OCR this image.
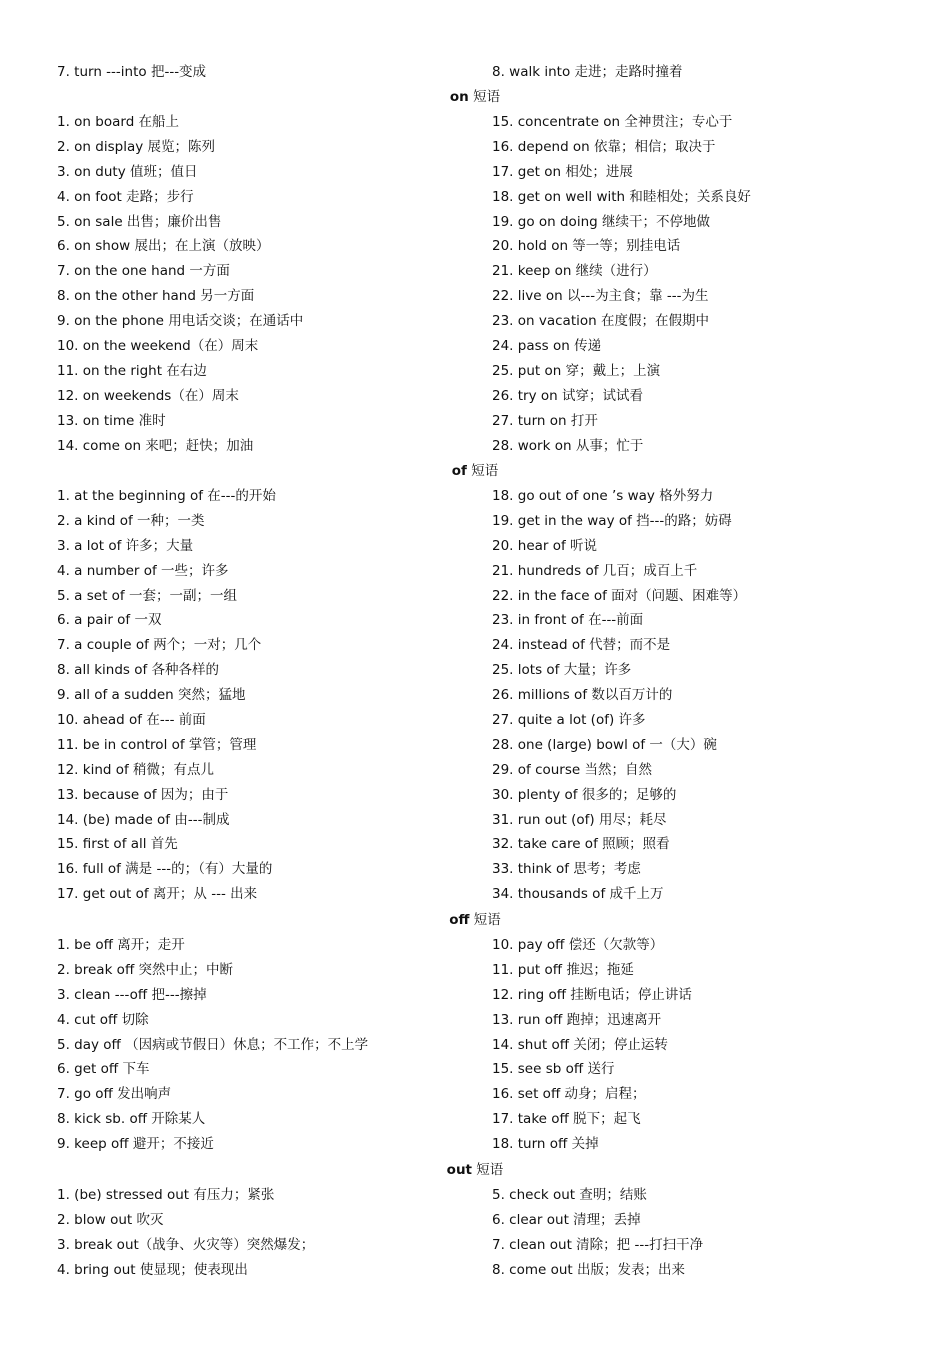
7. turn ---into 把---变成	8. walk into 走进；走路时撞着
on 短语
1. on board 在船上
2. on display 展览；陈列
3. on duty 值班；值日
4. on foot 走路；步行
5. on sale 出售；廉价出售
6. on show 展出；在上演（放映）
7. on the one hand 一方面
8. on the other hand 另一方面
9. on the phone 用电话交谈；在通话中
10. on the weekend（在）周末
11. on the right 在右边
12. on weekends（在）周末
13. on time 准时
14. come on 来吧；赶快；加油
15. concentrate on 全神贯注；专心于
16. depend on 依靠；相信；取决于
17. get on 相处；进展
18. get on well with 和睦相处；关系良好
19. go on doing 继续干；不停地做
20. hold on 等一等；别挂电话
21. keep on 继续（进行）
22. live on 以---为主食；靠 ---为生
23. on vacation 在度假；在假期中
24. pass on 传递
25. put on 穿；戴上；上演
26. try on 试穿；试试看
27. turn on 打开
28. work on 从事；忙于
of 短语
1. at the beginning of 在---的开始
2. a kind of 一种；一类
3. a lot of 许多；大量
4. a number of 一些；许多
5. a set of 一套；一副；一组
6. a pair of 一双
7. a couple of 两个；一对；几个
8. all kinds of 各种各样的
9. all of a sudden 突然；猛地
10. ahead of 在--- 前面
11. be in control of 掌管；管理
12. kind of 稍微；有点儿
13. because of 因为；由于
14. (be) made of 由---制成
15. first of all 首先
16. full of 满是 ---的；（有）大量的
17. get out of 离开；从 --- 出来
18. go out of one ’s way 格外努力
19. get in the way of 挡---的路；妨碍
20. hear of 听说
21. hundreds of 几百；成百上千
22. in the face of 面对（问题、困难等）
23. in front of 在---前面
24. instead of 代替；而不是
25. lots of 大量；许多
26. millions of 数以百万计的
27. quite a lot (of) 许多
28. one (large) bowl of 一（大）碗
29. of course 当然；自然
30. plenty of 很多的；足够的
31. run out (of) 用尽；耗尽
32. take care of 照顾；照看
33. think of 思考；考虑
34. thousands of 成千上万
off 短语
1. be off 离开；走开
2. break off 突然中止；中断
3. clean ---off 把---擦掉
4. cut off 切除
5. day off （因病或节假日）休息；不工作；不上学
6. get off 下车
7. go off 发出响声
8. kick sb. off 开除某人
9. keep off 避开；不接近
10. pay off 偿还（欠款等）
11. put off 推迟；拖延
12. ring off 挂断电话；停止讲话
13. run off 跑掉；迅速离开
14. shut off 关闭；停止运转
15. see sb off 送行
16. set off 动身；启程；
17. take off 脱下；起飞
18. turn off 关掉
out 短语
1. (be) stressed out 有压力；紧张
2. blow out 吹灭
3. break out（战争、火灾等）突然爆发；
4. bring out 使显现；使表现出
5. check out 查明；结账
6. clear out 清理；丢掉
7. clean out 清除；把 ---打扫干净
8. come out 出版；发表；出来
